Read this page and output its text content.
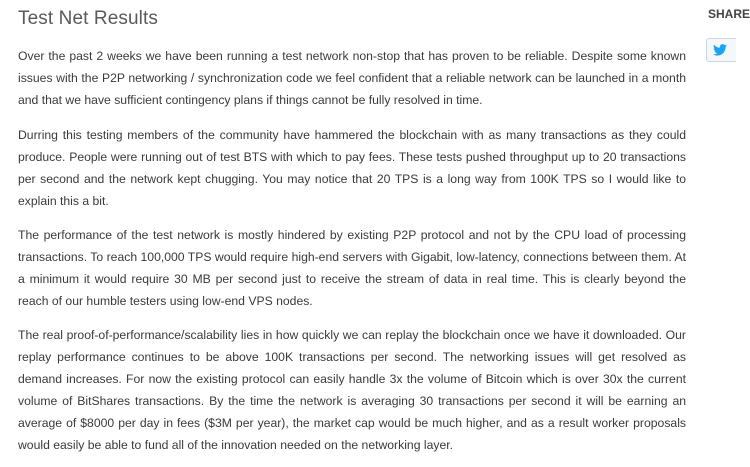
Test Net Results

Over the past 2 weeks we have been running a test network non-stop that has proven to be reliable. Despite some known issues with the P2P networking / synchronization code we feel confident that a reliable network can be launched in a month and that we have sufficient contingency plans if things cannot be fully resolved in time.

Durring this testing members of the community have hammered the blockchain with as many transactions as they could produce. People were running out of test BTS with which to pay fees. These tests pushed throughput up to 20 transactions per second and the network kept chugging. You may notice that 20 TPS is a long way from 100K TPS so I would like to explain this a bit.

The performance of the test network is mostly hindered by existing P2P protocol and not by the CPU load of processing transactions. To reach 100,000 TPS would require high-end servers with Gigabit, low-latency, connections between them. At a minimum it would require 30 MB per second just to receive the stream of data in real time. This is clearly beyond the reach of our humble testers using low-end VPS nodes.

The real proof-of-performance/scalability lies in how quickly we can replay the blockchain once we have it downloaded. Our replay performance continues to be above 100K transactions per second. The networking issues will get resolved as demand increases. For now the existing protocol can easily handle 3x the volume of Bitcoin which is over 30x the current volume of BitShares transactions. By the time the network is averaging 30 transactions per second it will be earning an average of $8000 per day in fees ($3M per year), the market cap would be much higher, and as a result worker proposals would easily be able to fund all of the innovation needed on the networking layer.

SHARE
